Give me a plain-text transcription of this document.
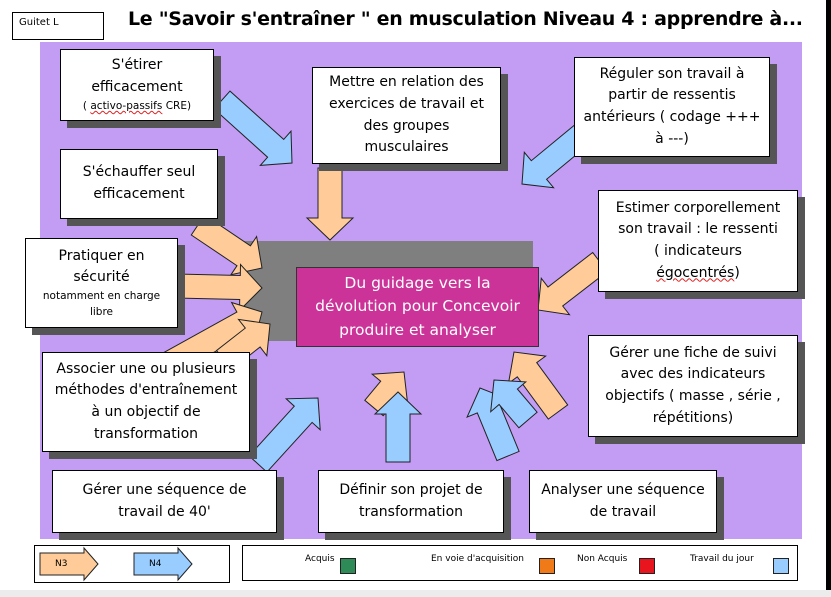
Guitet L	Le "Savoir s'entraîner " en musculation Niveau 4 : apprendre à...
Du guidage vers la
dévolution pour Concevoir
produire et analyser
S'étirer
efficacement
( activo-passifs CRE)
Mettre en relation des
exercices de travail et
des groupes
musculaires
Réguler son travail à
partir de ressentis
antérieurs ( codage +++
à ---)
S'échauffer seul
efficacement
Estimer corporellement
son travail : le ressenti
( indicateurs
égocentrés)
Pratiquer en
sécurité
notamment en charge
libre
Associer une ou plusieurs
méthodes d'entraînement
à un objectif de
transformation
Gérer une fiche de suivi
avec des indicateurs
objectifs ( masse , série ,
répétitions)
Gérer une séquence de
travail de 40'
Définir son projet de
transformation
Analyser une séquence
de travail
N3	N4	Acquis	En voie d'acquisition	Non Acquis	Travail du jour
